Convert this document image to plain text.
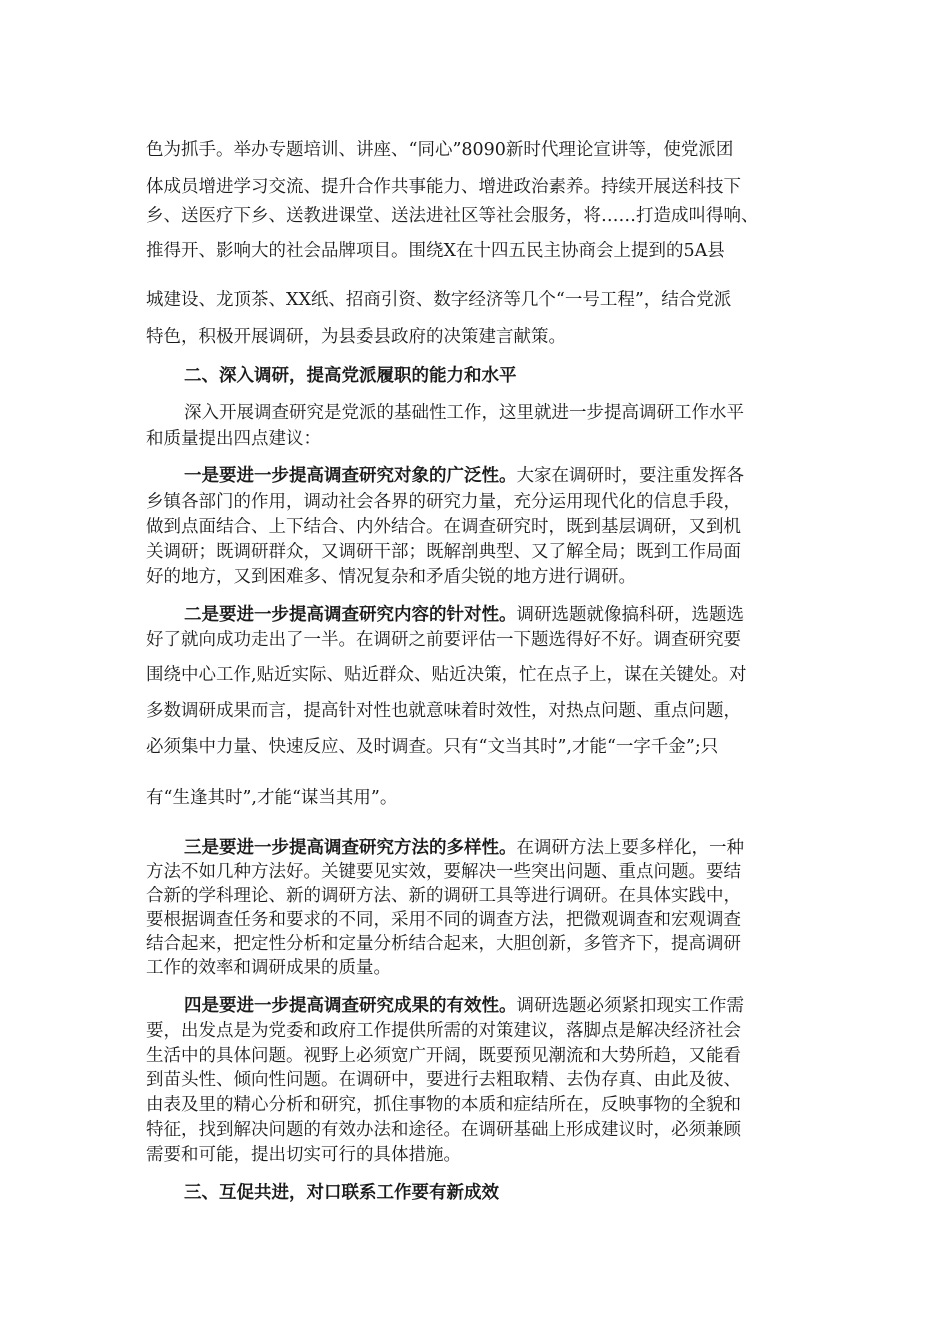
色为抓手。举办专题培训、讲座、“同心”8090新时代理论宣讲等，使党派团
体成员增进学习交流、提升合作共事能力、增进政治素养。持续开展送科技下
乡、送医疗下乡、送教进课堂、送法进社区等社会服务，将……打造成叫得响、
推得开、影响大的社会品牌项目。围绕X在十四五民主协商会上提到的5A县
城建设、龙顶茶、XX纸、招商引资、数字经济等几个“一号工程”，结合党派
特色，积极开展调研，为县委县政府的决策建言献策。
二、深入调研，提高党派履职的能力和水平
深入开展调查研究是党派的基础性工作，这里就进一步提高调研工作水平
和质量提出四点建议：
一是要进一步提高调查研究对象的广泛性。大家在调研时，要注重发挥各
乡镇各部门的作用，调动社会各界的研究力量，充分运用现代化的信息手段，
做到点面结合、上下结合、内外结合。在调查研究时，既到基层调研，又到机
关调研；既调研群众，又调研干部；既解剖典型、又了解全局；既到工作局面
好的地方，又到困难多、情况复杂和矛盾尖锐的地方进行调研。
二是要进一步提高调查研究内容的针对性。调研选题就像搞科研，选题选
好了就向成功走出了一半。在调研之前要评估一下题选得好不好。调查研究要
围绕中心工作,贴近实际、贴近群众、贴近决策，忙在点子上，谋在关键处。对
多数调研成果而言，提高针对性也就意味着时效性，对热点问题、重点问题，
必须集中力量、快速反应、及时调查。只有“文当其时”,才能“一字千金”;只
有“生逢其时”,才能“谋当其用”。
三是要进一步提高调查研究方法的多样性。在调研方法上要多样化，一种
方法不如几种方法好。关键要见实效，要解决一些突出问题、重点问题。要结
合新的学科理论、新的调研方法、新的调研工具等进行调研。在具体实践中，
要根据调查任务和要求的不同，采用不同的调查方法，把微观调查和宏观调查
结合起来，把定性分析和定量分析结合起来，大胆创新，多管齐下，提高调研
工作的效率和调研成果的质量。
四是要进一步提高调查研究成果的有效性。调研选题必须紧扣现实工作需
要，出发点是为党委和政府工作提供所需的对策建议，落脚点是解决经济社会
生活中的具体问题。视野上必须宽广开阔，既要预见潮流和大势所趋，又能看
到苗头性、倾向性问题。在调研中，要进行去粗取精、去伪存真、由此及彼、
由表及里的精心分析和研究，抓住事物的本质和症结所在，反映事物的全貌和
特征，找到解决问题的有效办法和途径。在调研基础上形成建议时，必须兼顾
需要和可能，提出切实可行的具体措施。
三、互促共进，对口联系工作要有新成效
